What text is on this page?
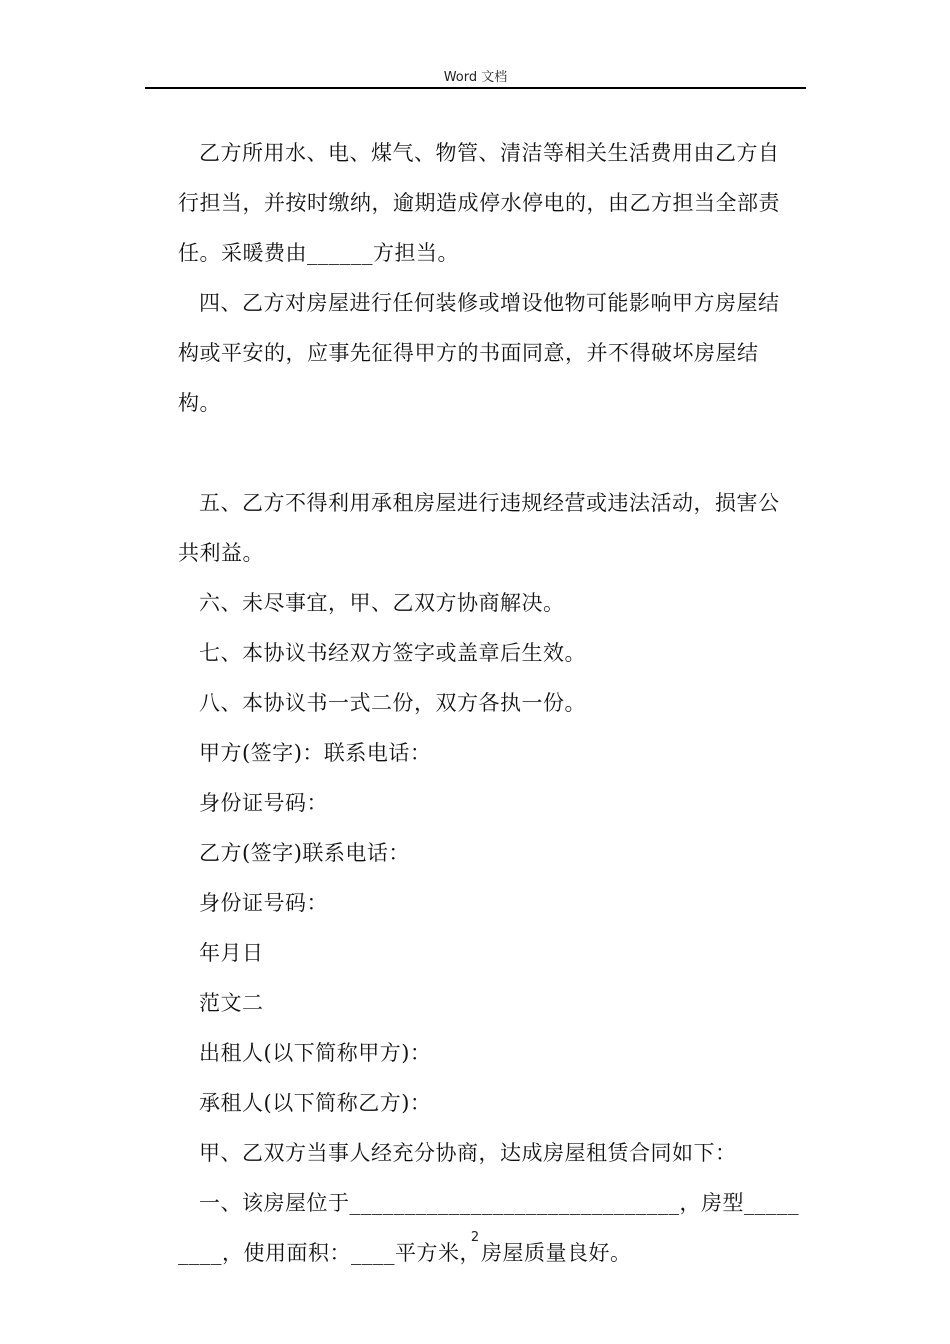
Word 文档

乙方所用水、电、煤气、物管、清洁等相关生活费用由乙方自行担当，并按时缴纳，逾期造成停水停电的，由乙方担当全部责任。采暖费由______方担当。

四、乙方对房屋进行任何装修或增设他物可能影响甲方房屋结构或平安的，应事先征得甲方的书面同意，并不得破坏房屋结构。

五、乙方不得利用承租房屋进行违规经营或违法活动，损害公共利益。

六、未尽事宜，甲、乙双方协商解决。

七、本协议书经双方签字或盖章后生效。

八、本协议书一式二份，双方各执一份。

甲方(签字)：联系电话：

身份证号码：

乙方(签字)联系电话：

身份证号码：

年月日

范文二

出租人(以下简称甲方)：

承租人(以下简称乙方)：

甲、乙双方当事人经充分协商，达成房屋租赁合同如下：

一、该房屋位于______________________________，房型_____ ____，使用面积：____平方米，房屋质量良好。

2
